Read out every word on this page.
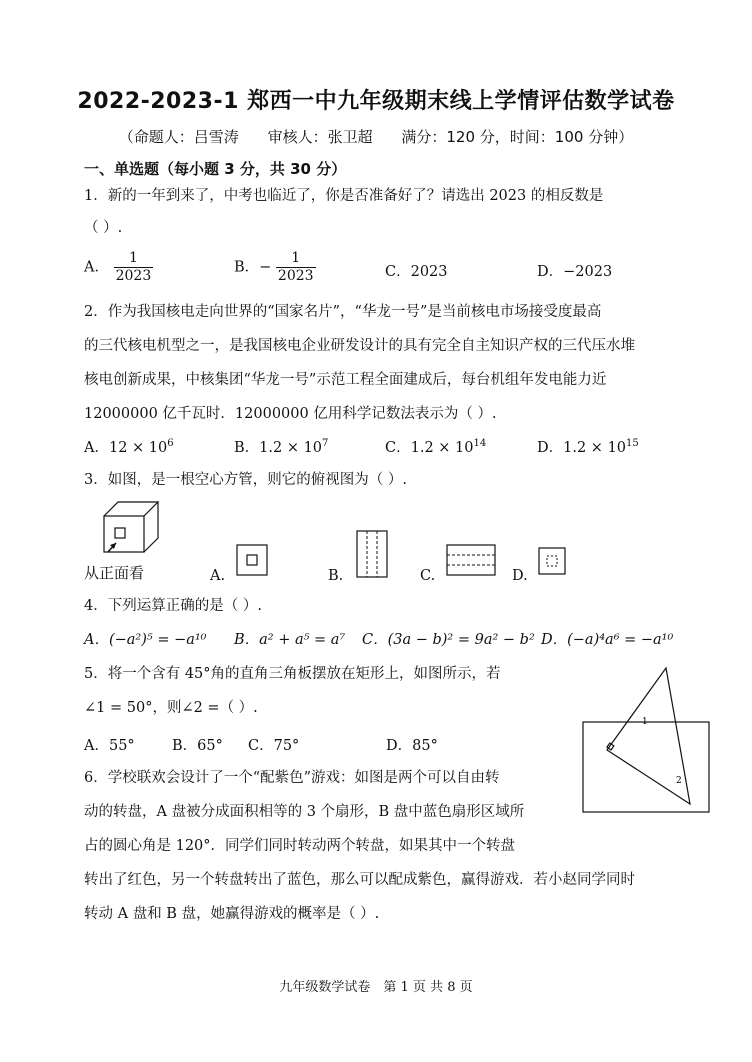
2022-2023-1 郑西一中九年级期末线上学情评估数学试卷
（命题人：吕雪涛 审核人：张卫超 满分：120 分，时间：100 分钟）
一、单选题（每小题 3 分，共 30 分）
1．新的一年到来了，中考也临近了，你是否准备好了？请选出 2023 的相反数是
（ ）.
A． $\frac{1}{2023}$	B．− $\frac{1}{2023}$	C．2023	D．−2023
2．作为我国核电走向世界的“国家名片”，“华龙一号”是当前核电市场接受度最高
的三代核电机型之一，是我国核电企业研发设计的具有完全自主知识产权的三代压水堆
核电创新成果，中核集团“华龙一号”示范工程全面建成后，每台机组年发电能力近
12000000 亿千瓦时．12000000 亿用科学记数法表示为（ ）.
A．$12 \times 10^6$	B．$1.2 \times 10^7$	C．$1.2 \times 10^{14}$	D．$1.2 \times 10^{15}$
3．如图，是一根空心方管，则它的俯视图为（ ）.
从正面看	A.	B.	C.	D.
4．下列运算正确的是（ ）.
A．(−a²)⁵ = −a¹⁰ B．a² + a⁵ = a⁷ C．(3a − b)² = 9a² − b² D．(−a)⁴a⁶ = −a¹⁰
5．将一个含有 45°角的直角三角板摆放在矩形上，如图所示，若
∠1 = 50°，则∠2 =（ ）.
A．55°	B．65° C．75°	D．85°
1
2
6．学校联欢会设计了一个“配紫色”游戏：如图是两个可以自由转
动的转盘，A 盘被分成面积相等的 3 个扇形，B 盘中蓝色扇形区域所
占的圆心角是 120°．同学们同时转动两个转盘，如果其中一个转盘
转出了红色，另一个转盘转出了蓝色，那么可以配成紫色，赢得游戏．若小赵同学同时
转动 A 盘和 B 盘，她赢得游戏的概率是（ ）.
九年级数学试卷　第 1 页 共 8 页
